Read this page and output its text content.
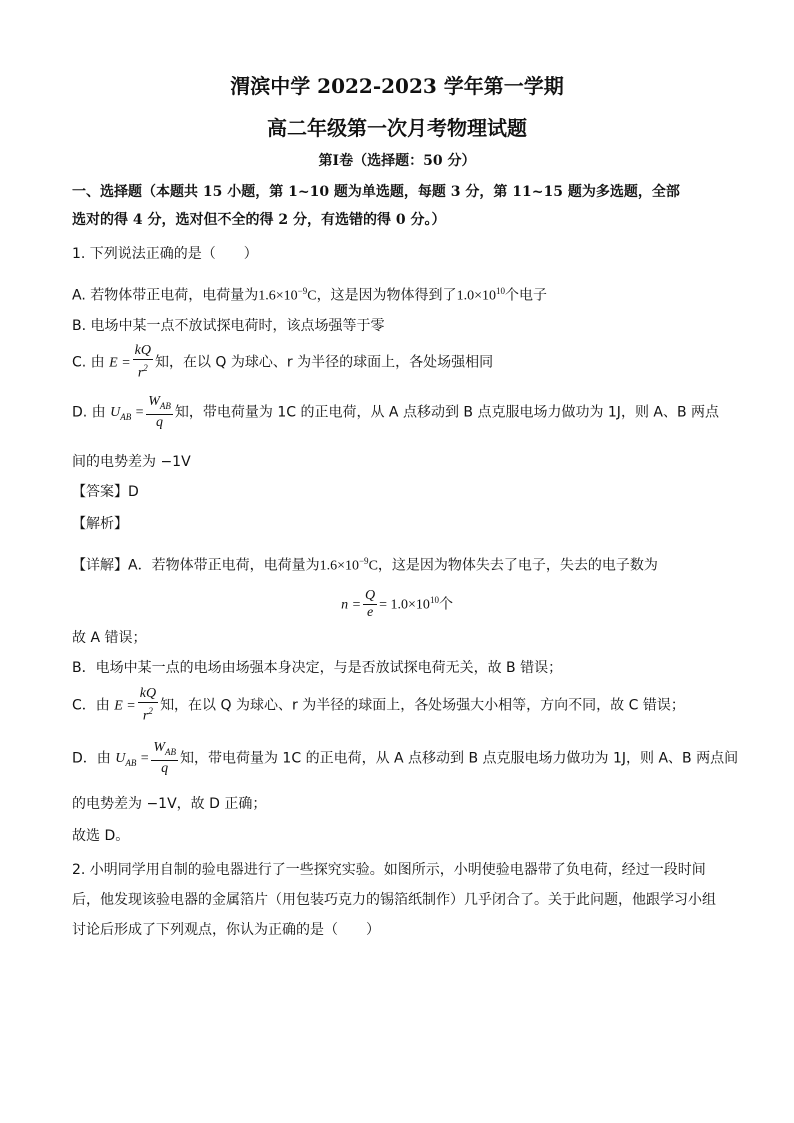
渭滨中学 2022-2023 学年第一学期
高二年级第一次月考物理试题
第Ⅰ卷（选择题：50 分）
一、选择题（本题共 15 小题，第 1~10 题为单选题，每题 3 分，第 11~15 题为多选题，全部
选对的得 4 分，选对但不全的得 2 分，有选错的得 0 分。）
1. 下列说法正确的是（　　）
A. 若物体带正电荷，电荷量为$1.6\times 10^{-9}C$，这是因为物体得到了$1.0\times 10^{10}$个电子
B. 电场中某一点不放试探电荷时，该点场强等于零
C. 由 $E = \frac{kQ}{r^2}$ 知，在以 Q 为球心、r 为半径的球面上，各处场强相同
D. 由 $U_{AB} = \frac{W_{AB}}{q}$ 知，带电荷量为 1C 的正电荷，从 A 点移动到 B 点克服电场力做功为 1J，则 A、B 两点
间的电势差为 −1V
【答案】D
【解析】
【详解】A．若物体带正电荷，电荷量为$1.6\times 10^{-9}C$，这是因为物体失去了电子，失去的电子数为
$n = \frac{Q}{e} = 1.0\times 10^{10}$个
故 A 错误；
B．电场中某一点的电场由场强本身决定，与是否放试探电荷无关，故 B 错误；
C．由 $E = \frac{kQ}{r^2}$ 知，在以 Q 为球心、r 为半径的球面上，各处场强大小相等，方向不同，故 C 错误；
D．由 $U_{AB} = \frac{W_{AB}}{q}$ 知，带电荷量为 1C 的正电荷，从 A 点移动到 B 点克服电场力做功为 1J，则 A、B 两点间
的电势差为 −1V，故 D 正确；
故选 D。
2. 小明同学用自制的验电器进行了一些探究实验。如图所示，小明使验电器带了负电荷，经过一段时间
后，他发现该验电器的金属箔片（用包装巧克力的锡箔纸制作）几乎闭合了。关于此问题，他跟学习小组
讨论后形成了下列观点，你认为正确的是（　　）
